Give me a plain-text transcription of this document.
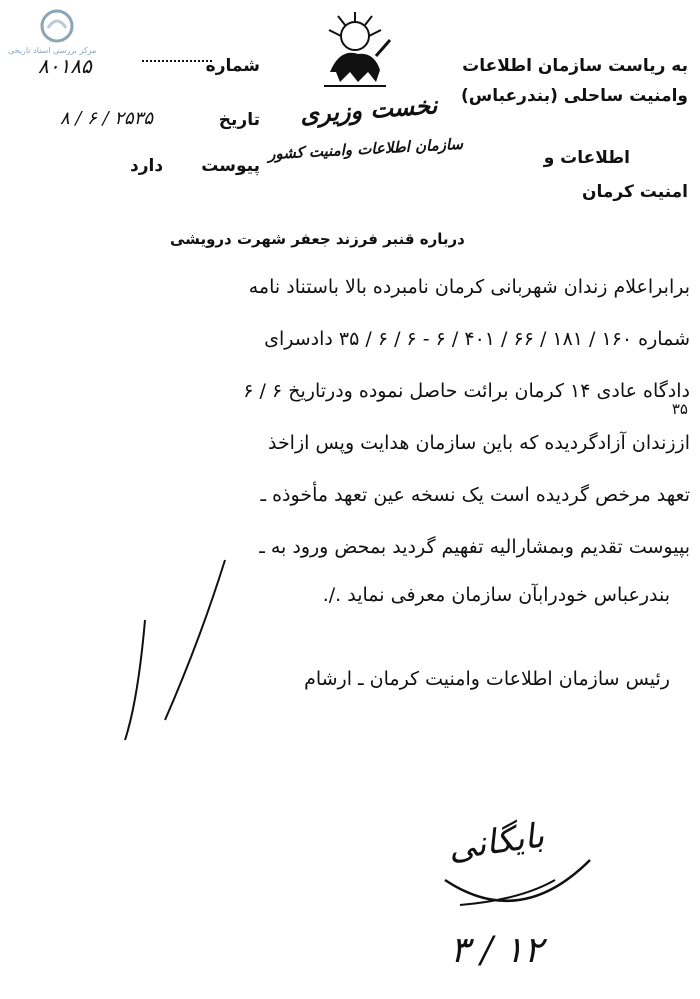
مرکز بررسی اسناد تاریخی
نخست وزیری
سازمان اطلاعات وامنیت کشور
به ریاست سازمان اطلاعات
وامنیت ساحلی (بندرعباس)
اطلاعات و
امنیت کرمان
شماره
۸۰۱۸۵
تاریخ
۸ / ۶ / ۲۵۳۵
پیوست
دارد
درباره قنبر فرزند جعفر شهرت درویشی
برابراعلام زندان شهربانی کرمان نامبرده بالا باستناد نامه
شماره ۱۶۰ / ۱۸۱ / ۶۶ / ۴۰۱ / ۶ - ۶ / ۶ / ۳۵ دادسرای
دادگاه عادی ۱۴ کرمان برائت حاصل نموده ودرتاریخ ۶ / ۶
۳۵
اززندان آزادگردیده که باین سازمان هدایت وپس ازاخذ
تعهد مرخص گردیده است یک نسخه عین تعهد مأخوذه ـ
بپیوست تقدیم وبمشارالیه تفهیم گردید بمحض ورود به ـ
بندرعباس خودرابآن سازمان معرفی نماید ./.
رئیس سازمان اطلاعات وامنیت کرمان ـ ارشام
بایگانی
۳ / ۱۲
